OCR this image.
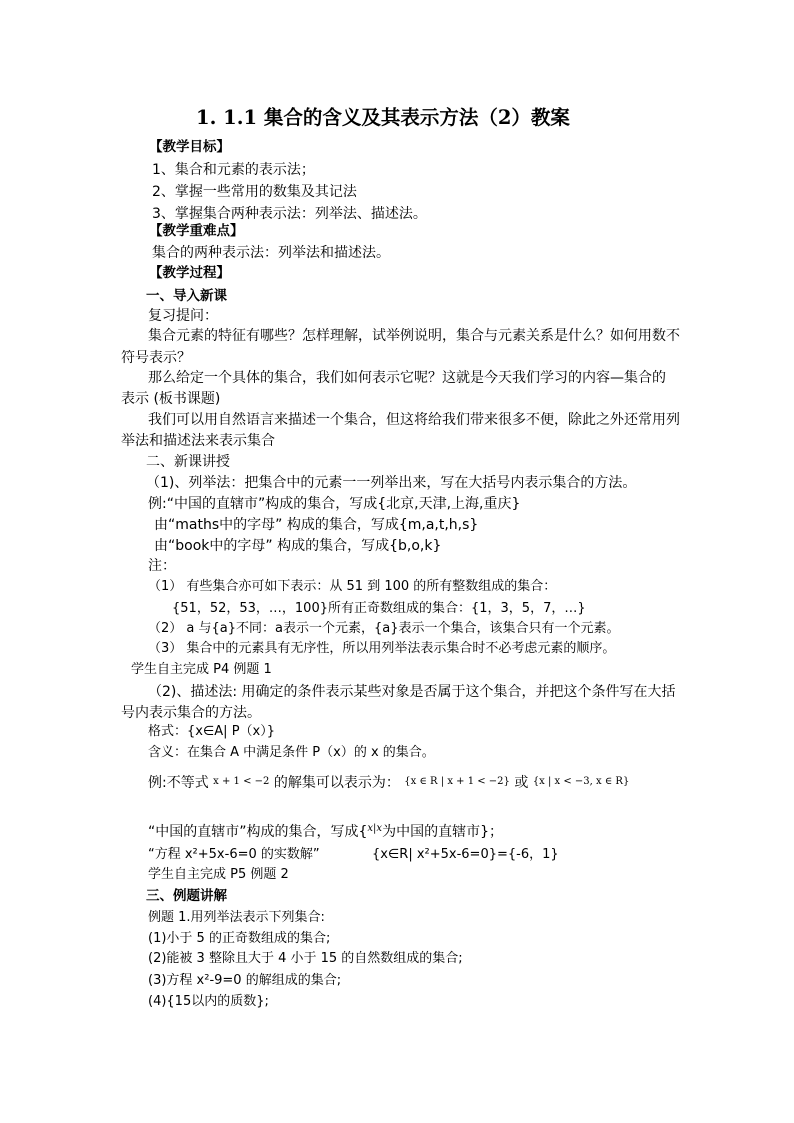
1. 1.1 集合的含义及其表示方法（2）教案
【教学目标】
1、集合和元素的表示法；
2、掌握一些常用的数集及其记法
3、掌握集合两种表示法：列举法、描述法。
【教学重难点】
集合的两种表示法：列举法和描述法。
【教学过程】
一、导入新课
复习提问：
集合元素的特征有哪些？怎样理解，试举例说明，集合与元素关系是什么？如何用数不
符号表示？
那么给定一个具体的集合，我们如何表示它呢？这就是今天我们学习的内容—集合的
表示 (板书课题)
我们可以用自然语言来描述一个集合，但这将给我们带来很多不便，除此之外还常用列
举法和描述法来表示集合
二、新课讲授
（1)、列举法：把集合中的元素一一列举出来，写在大括号内表示集合的方法。
例:“中国的直辖市”构成的集合，写成{北京,天津,上海,重庆}
由“maths中的字母” 构成的集合，写成{m,a,t,h,s}
由“book中的字母” 构成的集合，写成{b,o,k}
注：
（1） 有些集合亦可如下表示：从 51 到 100 的所有整数组成的集合：
{51，52，53，…，100}所有正奇数组成的集合：{1，3，5，7，…}
（2） a 与{a}不同：a表示一个元素，{a}表示一个集合，该集合只有一个元素。
（3） 集合中的元素具有无序性，所以用列举法表示集合时不必考虑元素的顺序。
学生自主完成 P4 例题 1
（2)、描述法: 用确定的条件表示某些对象是否属于这个集合，并把这个条件写在大括
号内表示集合的方法。
格式：{x∈A| P（x）}
含义：在集合 A 中满足条件 P（x）的 x 的集合。
例:不等式 x + 1 < −2 的解集可以表示为： {x ∈ R | x + 1 < −2} 或 {x | x < −3, x ∈ R}
“中国的直辖市”构成的集合，写成{x|x为中国的直辖市}；
“方程 x²+5x-6=0 的实数解”	{x∈R| x²+5x-6=0}={-6，1}
学生自主完成 P5 例题 2
三、例题讲解
例题 1.用列举法表示下列集合:
(1)小于 5 的正奇数组成的集合;
(2)能被 3 整除且大于 4 小于 15 的自然数组成的集合;
(3)方程 x²-9=0 的解组成的集合;
(4){15以内的质数};
